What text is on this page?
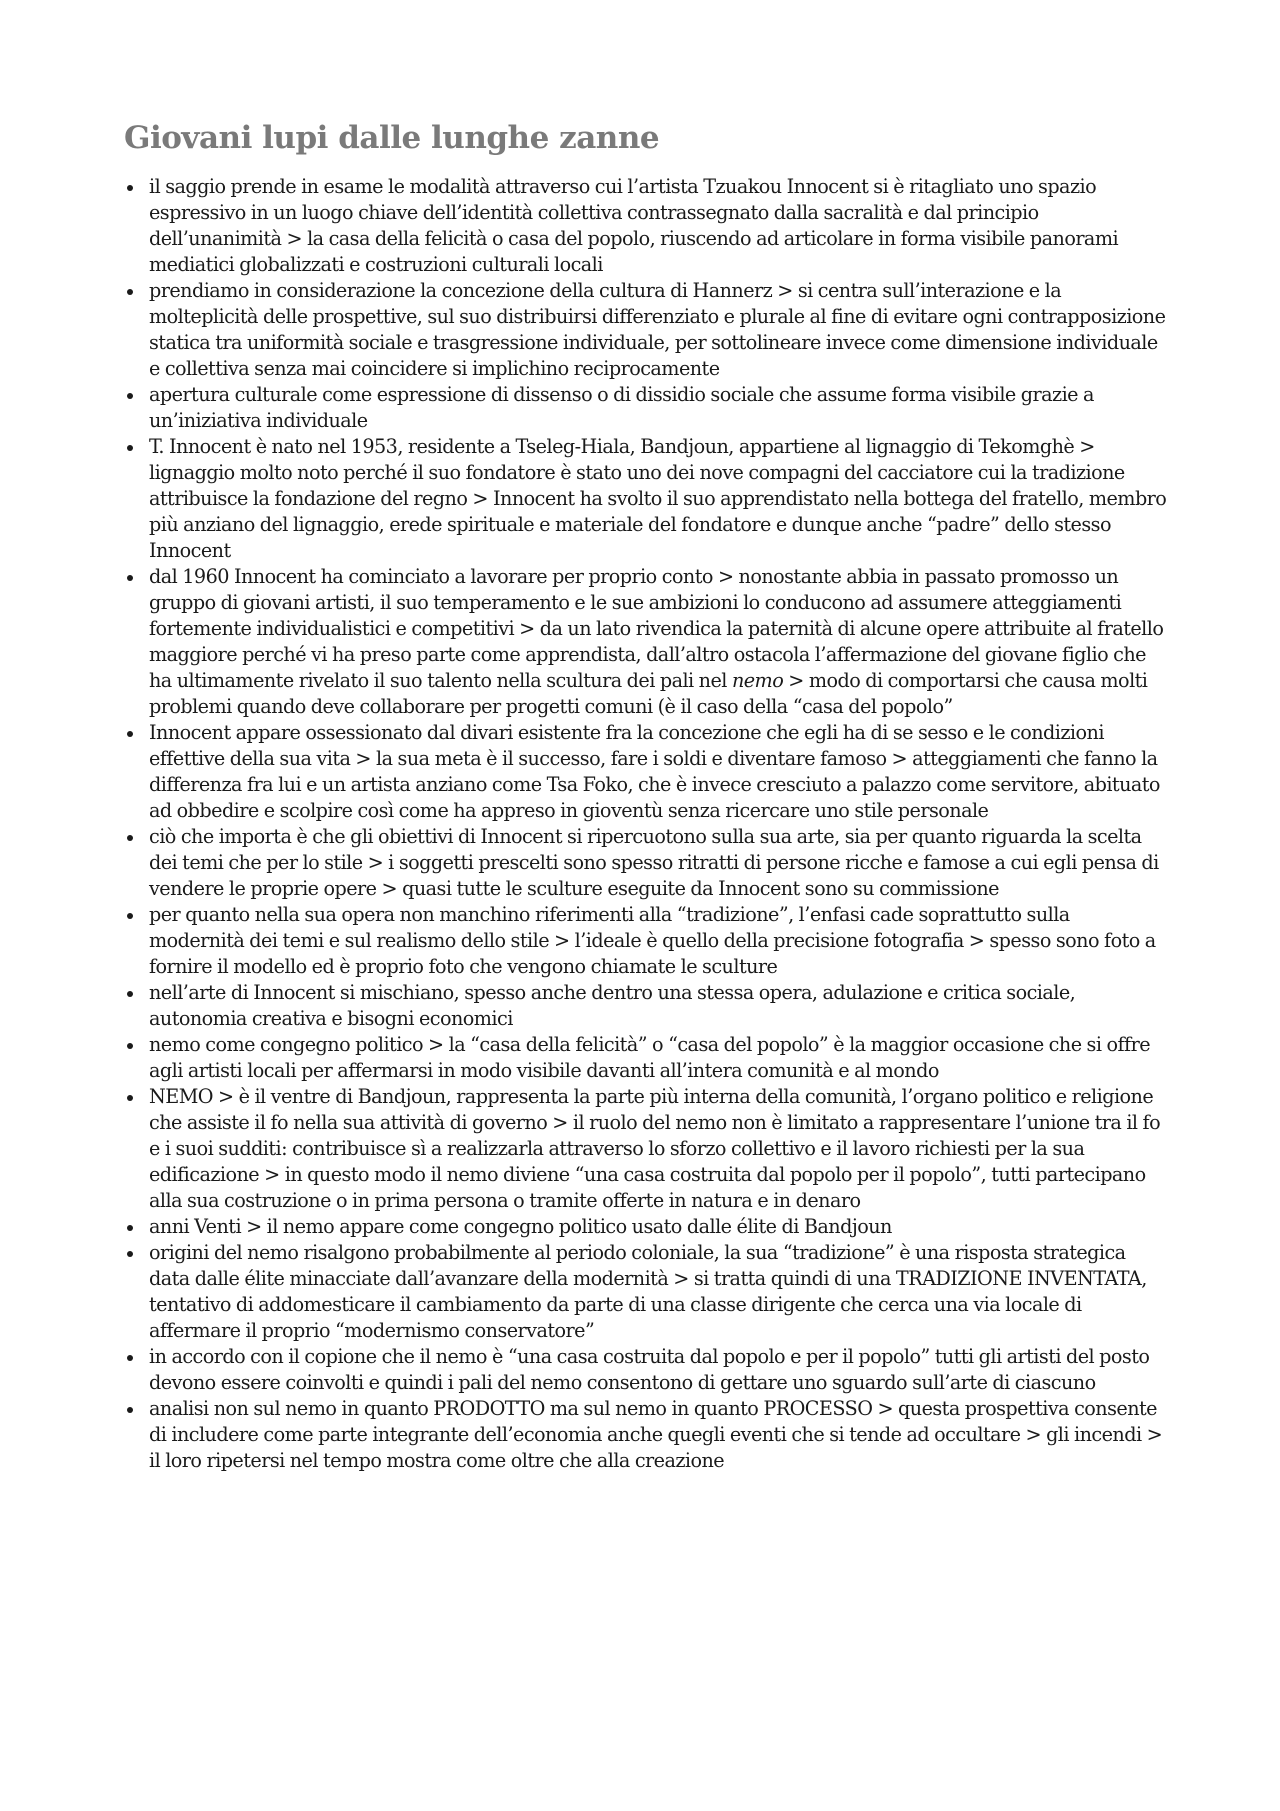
Giovani lupi dalle lunghe zanne
il saggio prende in esame le modalità attraverso cui l’artista Tzuakou Innocent si è ritagliato uno spazio espressivo in un luogo chiave dell’identità collettiva contrassegnato dalla sacralità e dal principio dell’unanimità > la casa della felicità o casa del popolo, riuscendo ad articolare in forma visibile panorami mediatici globalizzati e costruzioni culturali locali
prendiamo in considerazione la concezione della cultura di Hannerz > si centra sull’interazione e la molteplicità delle prospettive, sul suo distribuirsi differenziato e plurale al fine di evitare ogni contrapposizione statica tra uniformità sociale e trasgressione individuale, per sottolineare invece come dimensione individuale e collettiva senza mai coincidere si implichino reciprocamente
apertura culturale come espressione di dissenso o di dissidio sociale che assume forma visibile grazie a un’iniziativa individuale
T. Innocent è nato nel 1953, residente a Tseleg-Hiala, Bandjoun, appartiene al lignaggio di Tekomghè > lignaggio molto noto perché il suo fondatore è stato uno dei nove compagni del cacciatore cui la tradizione attribuisce la fondazione del regno > Innocent ha svolto il suo apprendistato nella bottega del fratello, membro più anziano del lignaggio, erede spirituale e materiale del fondatore e dunque anche “padre” dello stesso Innocent
dal 1960 Innocent ha cominciato a lavorare per proprio conto > nonostante abbia in passato promosso un gruppo di giovani artisti, il suo temperamento e le sue ambizioni lo conducono ad assumere atteggiamenti fortemente individualistici e competitivi > da un lato rivendica la paternità di alcune opere attribuite al fratello maggiore perché vi ha preso parte come apprendista, dall’altro ostacola l’affermazione del giovane figlio che ha ultimamente rivelato il suo talento nella scultura dei pali nel nemo > modo di comportarsi che causa molti problemi quando deve collaborare per progetti comuni (è il caso della “casa del popolo”
Innocent appare ossessionato dal divari esistente fra la concezione che egli ha di se sesso e le condizioni effettive della sua vita > la sua meta è il successo, fare i soldi e diventare famoso > atteggiamenti che fanno la differenza fra lui e un artista anziano come Tsa Foko, che è invece cresciuto a palazzo come servitore, abituato ad obbedire e scolpire così come ha appreso in gioventù senza ricercare uno stile personale
ciò che importa è che gli obiettivi di Innocent si ripercuotono sulla sua arte, sia per quanto riguarda la scelta dei temi che per lo stile > i soggetti prescelti sono spesso ritratti di persone ricche e famose a cui egli pensa di vendere le proprie opere > quasi tutte le sculture eseguite da Innocent sono su commissione
per quanto nella sua opera non manchino riferimenti alla “tradizione”, l’enfasi cade soprattutto sulla modernità dei temi e sul realismo dello stile > l’ideale è quello della precisione fotografia > spesso sono foto a fornire il modello ed è proprio foto che vengono chiamate le sculture
nell’arte di Innocent si mischiano, spesso anche dentro una stessa opera, adulazione e critica sociale, autonomia creativa e bisogni economici
nemo come congegno politico > la “casa della felicità” o “casa del popolo” è la maggior occasione che si offre agli artisti locali per affermarsi in modo visibile davanti all’intera comunità e al mondo
NEMO > è il ventre di Bandjoun, rappresenta la parte più interna della comunità, l’organo politico e religione che assiste il fo nella sua attività di governo > il ruolo del nemo non è limitato a rappresentare l’unione tra il fo e i suoi sudditi: contribuisce sì a realizzarla attraverso lo sforzo collettivo e il lavoro richiesti per la sua edificazione > in questo modo il nemo diviene “una casa costruita dal popolo per il popolo”, tutti partecipano alla sua costruzione o in prima persona o tramite offerte in natura e in denaro
anni Venti > il nemo appare come congegno politico usato dalle élite di Bandjoun
origini del nemo risalgono probabilmente al periodo coloniale, la sua “tradizione” è una risposta strategica data dalle élite minacciate dall’avanzare della modernità > si tratta quindi di una TRADIZIONE INVENTATA, tentativo di addomesticare il cambiamento da parte di una classe dirigente che cerca una via locale di affermare il proprio “modernismo conservatore”
in accordo con il copione che il nemo è “una casa costruita dal popolo e per il popolo” tutti gli artisti del posto devono essere coinvolti e quindi i pali del nemo consentono di gettare uno sguardo sull’arte di ciascuno
analisi non sul nemo in quanto PRODOTTO ma sul nemo in quanto PROCESSO > questa prospettiva consente di includere come parte integrante dell’economia anche quegli eventi che si tende ad occultare > gli incendi > il loro ripetersi nel tempo mostra come oltre che alla creazione
